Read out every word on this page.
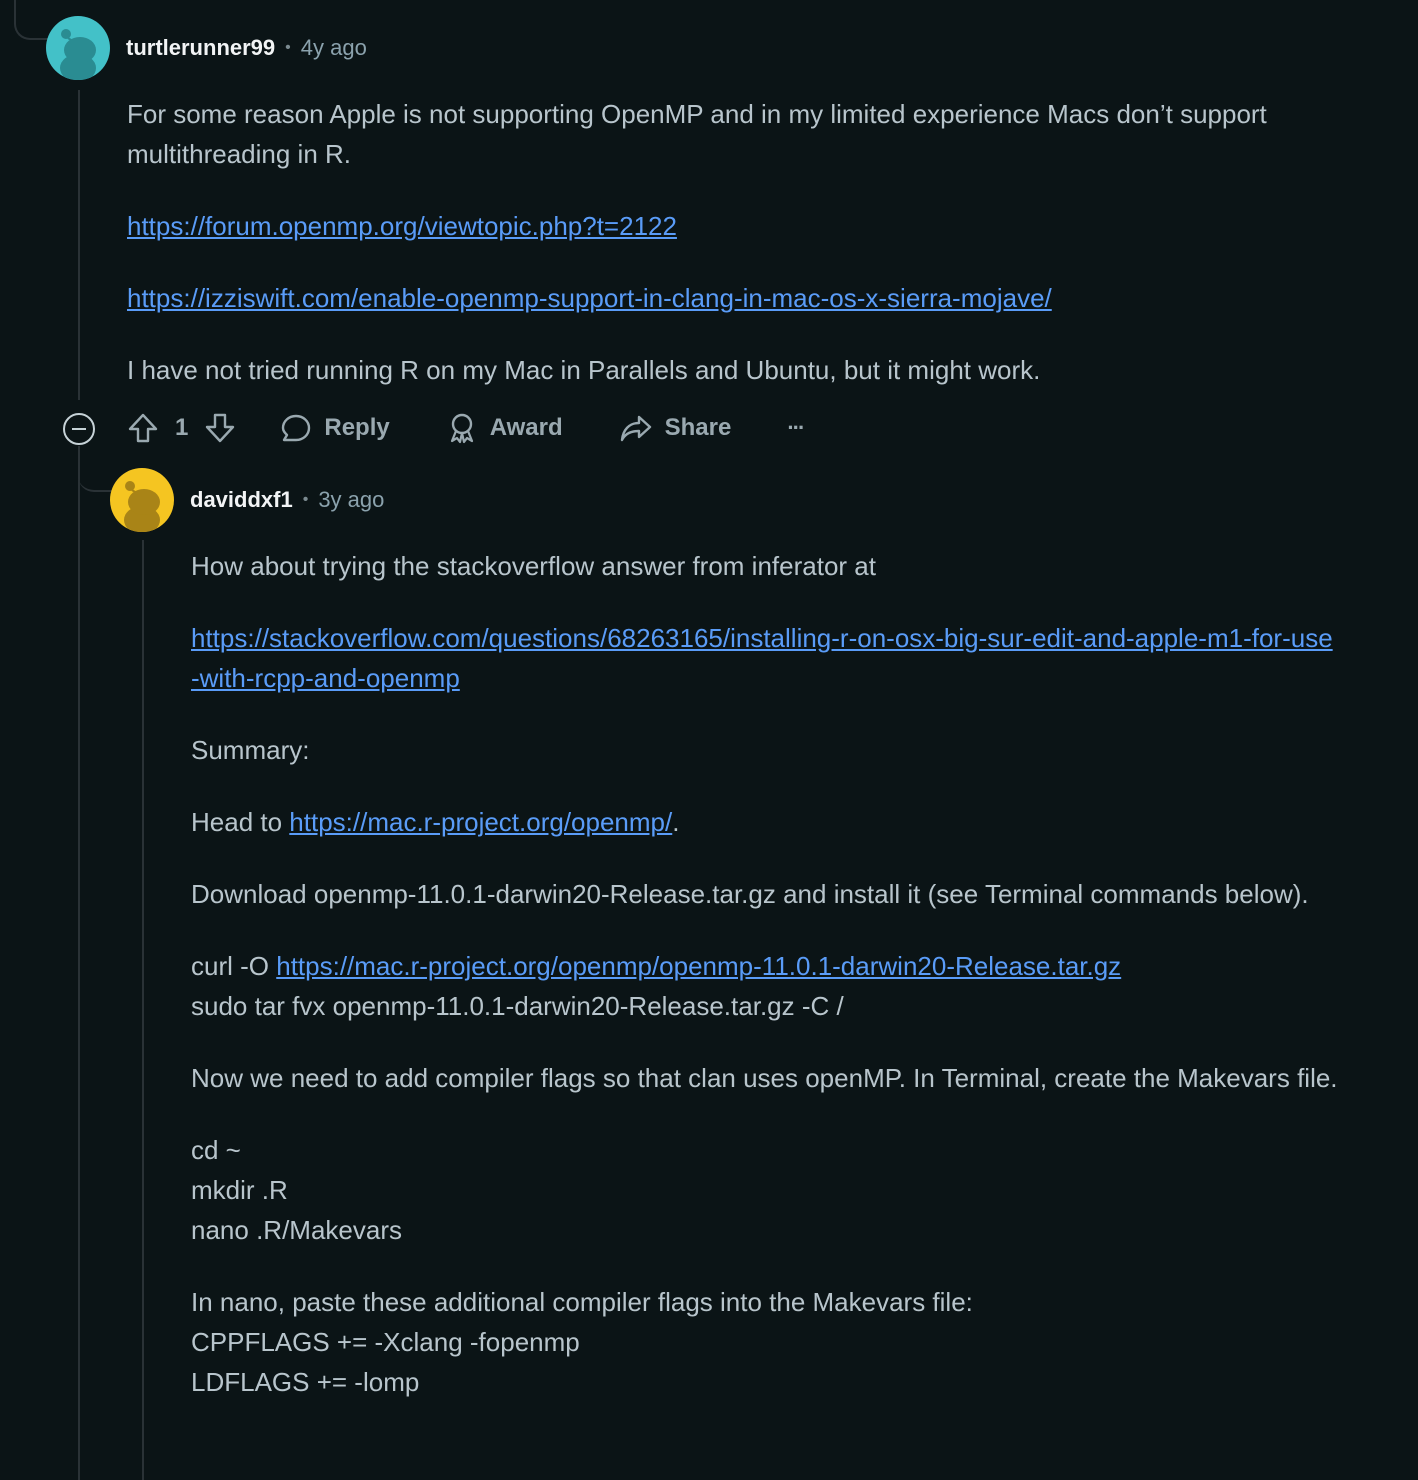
turtlerunner99 • 4y ago

For some reason Apple is not supporting OpenMP and in my limited experience Macs don’t support multithreading in R.

https://forum.openmp.org/viewtopic.php?t=2122

https://izziswift.com/enable-openmp-support-in-clang-in-mac-os-x-sierra-mojave/

I have not tried running R on my Mac in Parallels and Ubuntu, but it might work.

1	Reply	Award	Share	···
daviddxf1 • 3y ago

How about trying the stackoverflow answer from inferator at

https://stackoverflow.com/questions/68263165/installing-r-on-osx-big-sur-edit-and-apple-m1-for-use-with-rcpp-and-openmp

Summary:

Head to https://mac.r-project.org/openmp/.

Download openmp-11.0.1-darwin20-Release.tar.gz and install it (see Terminal commands below).

curl -O https://mac.r-project.org/openmp/openmp-11.0.1-darwin20-Release.tar.gz
sudo tar fvx openmp-11.0.1-darwin20-Release.tar.gz -C /

Now we need to add compiler flags so that clan uses openMP. In Terminal, create the Makevars file.

cd ~
mkdir .R
nano .R/Makevars

In nano, paste these additional compiler flags into the Makevars file:
CPPFLAGS += -Xclang -fopenmp
LDFLAGS += -lomp
